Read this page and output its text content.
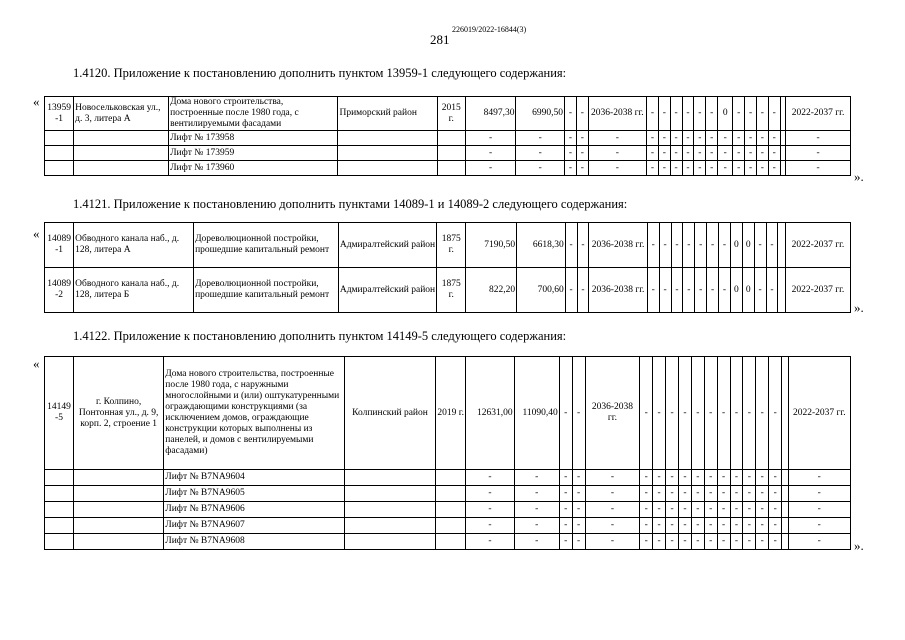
281
226019/2022-16844(3)
1.4120. Приложение к постановлению дополнить пунктом 13959-1 следующего содержания:
« 13959 -1	Новосельковская ул., д. 3, литера А	Дома нового строительства, построенные после 1980 года, с вентилируемыми фасадами	Приморский район	2015 г.	8497,30	6990,50	-	-	2036-2038 гг.	-	-	-	-	-	-	0	-	-	-	-		2022-2037 гг.
		Лифт № 173958			-	-	-	-	-	-	-	-	-	-	-	-	-	-	-	-		-
		Лифт № 173959			-	-	-	-	-	-	-	-	-	-	-	-	-	-	-	-		-
		Лифт № 173960			-	-	-	-	-	-	-	-	-	-	-	-	-	-	-	-		-
».
1.4121. Приложение к постановлению дополнить пунктами 14089-1 и 14089-2 следующего содержания:
« 14089 -1	Обводного канала наб., д. 128, литера А	Дореволюционной постройки, прошедшие капитальный ремонт	Адмиралтейский район	1875 г.	7190,50	6618,30	-	-	2036-2038 гг.	-	-	-	-	-	-	-	0	0	-	-		2022-2037 гг.
14089 -2	Обводного канала наб., д. 128, литера Б	Дореволюционной постройки, прошедшие капитальный ремонт	Адмиралтейский район	1875 г.	822,20	700,60	-	-	2036-2038 гг.	-	-	-	-	-	-	-	0	0	-	-		2022-2037 гг.
».
1.4122. Приложение к постановлению дополнить пунктом 14149-5 следующего содержания:
«
14149 -5	г. Колпино, Понтонная ул., д. 9, корп. 2, строение 1	Дома нового строительства, построенные после 1980 года, с наружными многослойными и (или) оштукатуренными ограждающими конструкциями (за исключением домов, ограждающие конструкции которых выполнены из панелей, и домов с вентилируемыми фасадами)	Колпинский район	2019 г.	12631,00	11090,40	-	-	2036-2038 гг.	-	-	-	-	-	-	-	-	-	-	-		2022-2037 гг.
		Лифт № B7NA9604			-	-	-	-	-	-	-	-	-	-	-	-	-	-	-	-		-
		Лифт № B7NA9605			-	-	-	-	-	-	-	-	-	-	-	-	-	-	-	-		-
		Лифт № B7NA9606			-	-	-	-	-	-	-	-	-	-	-	-	-	-	-	-		-
		Лифт № B7NA9607			-	-	-	-	-	-	-	-	-	-	-	-	-	-	-	-		-
		Лифт № B7NA9608			-	-	-	-	-	-	-	-	-	-	-	-	-	-	-	-		-	».
